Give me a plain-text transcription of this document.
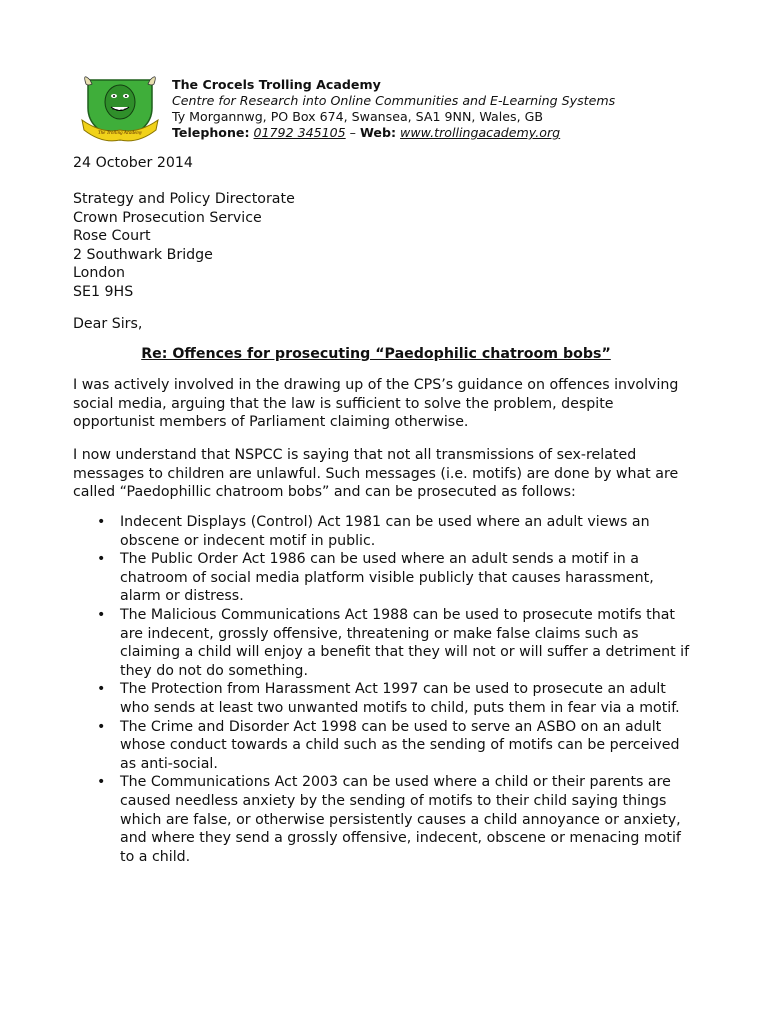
The Trolling Academy
The Crocels Trolling Academy
Centre for Research into Online Communities and E-Learning Systems
Ty Morgannwg, PO Box 674, Swansea, SA1 9NN, Wales, GB
Telephone: 01792 345105 – Web: www.trollingacademy.org
24 October 2014
Strategy and Policy Directorate
Crown Prosecution Service
Rose Court
2 Southwark Bridge
London
SE1 9HS
Dear Sirs,
Re: Offences for prosecuting “Paedophilic chatroom bobs”
I was actively involved in the drawing up of the CPS’s guidance on offences involving social media, arguing that the law is sufficient to solve the problem, despite opportunist members of Parliament claiming otherwise.
I now understand that NSPCC is saying that not all transmissions of sex-related messages to children are unlawful. Such messages (i.e. motifs) are done by what are called “Paedophillic chatroom bobs” and can be prosecuted as follows:
• Indecent Displays (Control) Act 1981 can be used where an adult views an obscene or indecent motif in public.
• The Public Order Act 1986 can be used where an adult sends a motif in a chatroom of social media platform visible publicly that causes harassment, alarm or distress.
• The Malicious Communications Act 1988 can be used to prosecute motifs that are indecent, grossly offensive, threatening or make false claims such as claiming a child will enjoy a benefit that they will not or will suffer a detriment if they do not do something.
• The Protection from Harassment Act 1997 can be used to prosecute an adult who sends at least two unwanted motifs to child, puts them in fear via a motif.
• The Crime and Disorder Act 1998 can be used to serve an ASBO on an adult whose conduct towards a child such as the sending of motifs can be perceived as anti-social.
• The Communications Act 2003 can be used where a child or their parents are caused needless anxiety by the sending of motifs to their child saying things which are false, or otherwise persistently causes a child annoyance or anxiety, and where they send a grossly offensive, indecent, obscene or menacing motif to a child.
